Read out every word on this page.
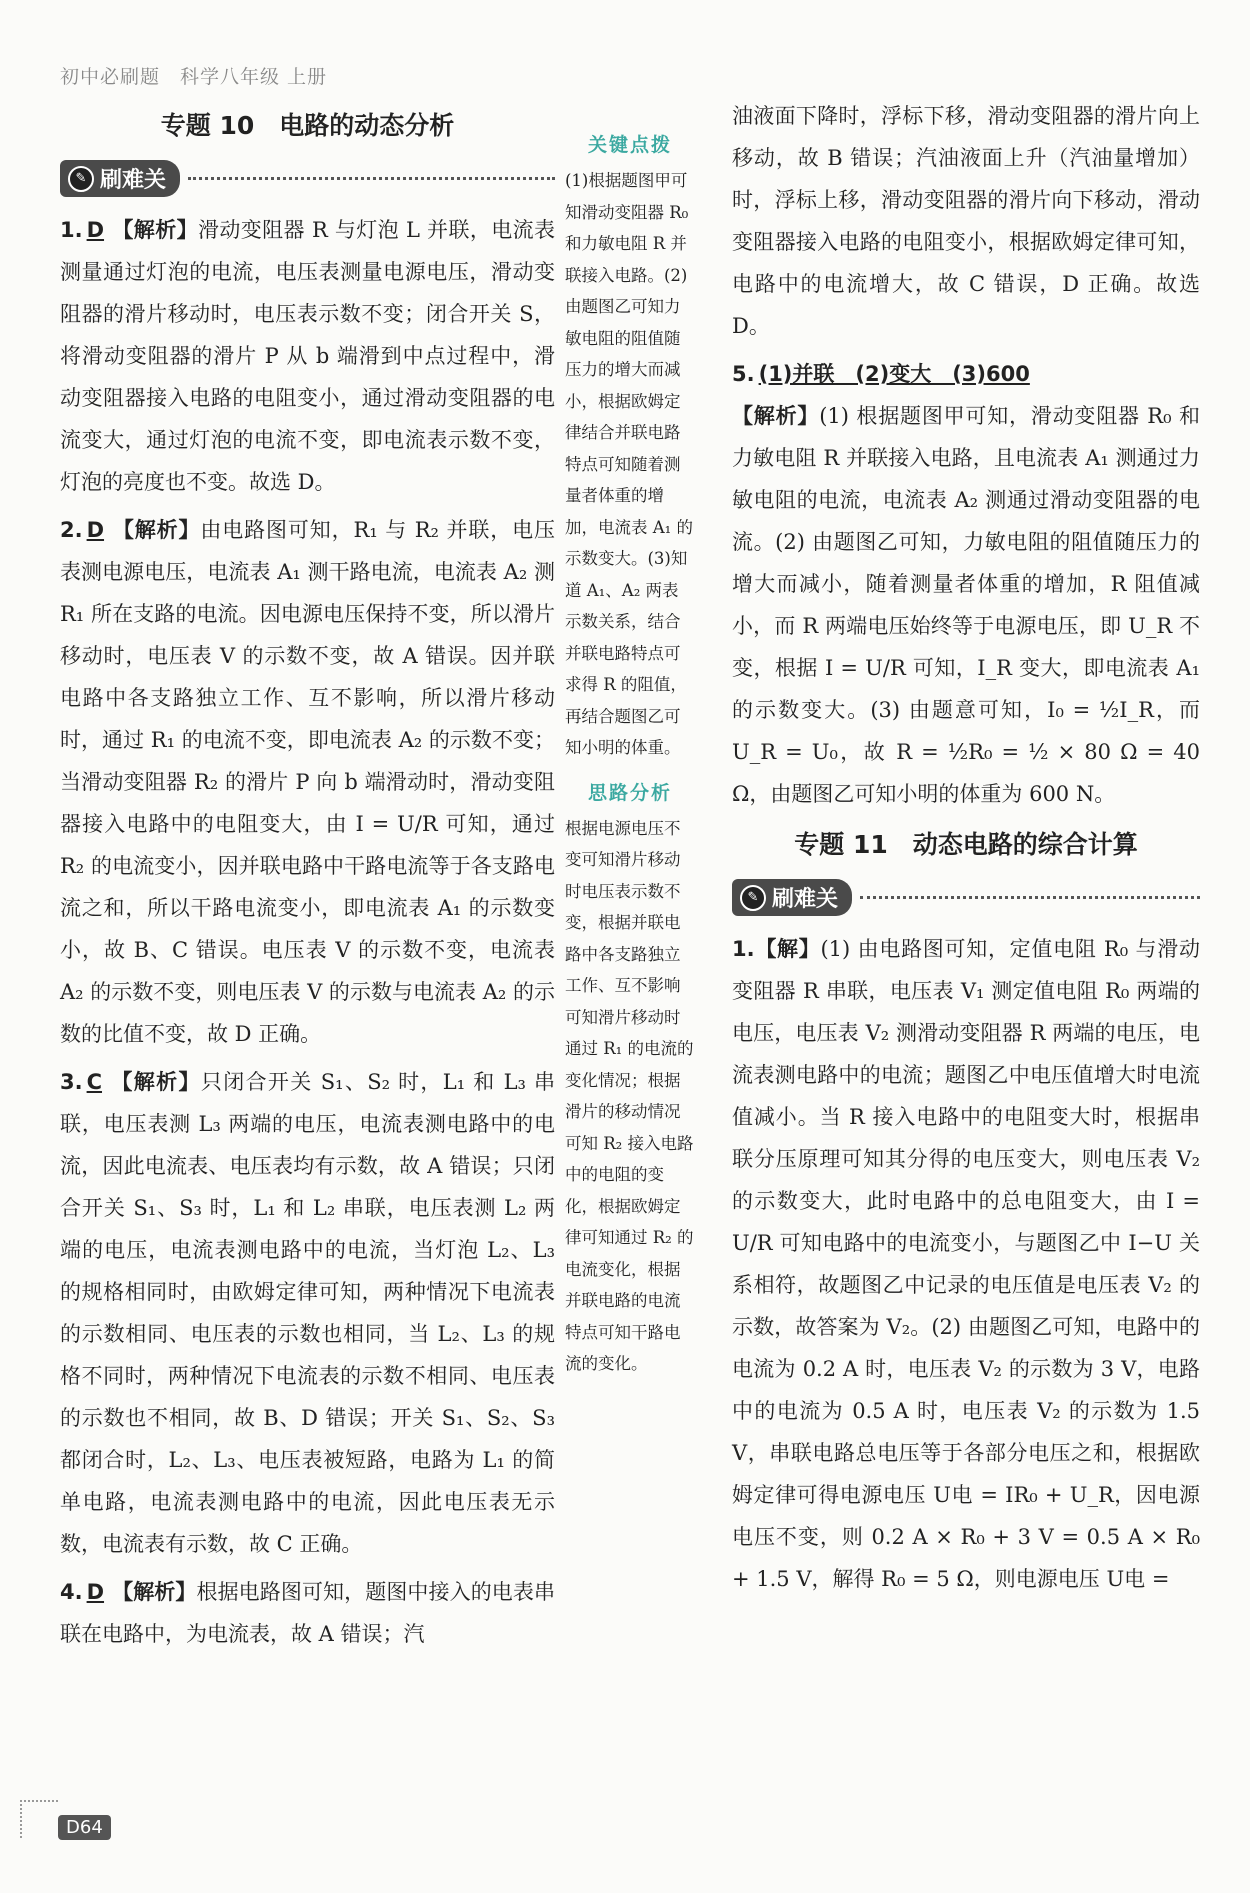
初中必刷题　科学八年级 上册
专题 10　电路的动态分析
✎ 刷难关

1. D 【解析】滑动变阻器 R 与灯泡 L 并联，电流表测量通过灯泡的电流，电压表测量电源电压，滑动变阻器的滑片移动时，电压表示数不变；闭合开关 S，将滑动变阻器的滑片 P 从 b 端滑到中点过程中，滑动变阻器接入电路的电阻变小，通过滑动变阻器的电流变大，通过灯泡的电流不变，即电流表示数不变，灯泡的亮度也不变。故选 D。

2. D 【解析】由电路图可知，R₁ 与 R₂ 并联，电压表测电源电压，电流表 A₁ 测干路电流，电流表 A₂ 测 R₁ 所在支路的电流。因电源电压保持不变，所以滑片移动时，电压表 V 的示数不变，故 A 错误。因并联电路中各支路独立工作、互不影响，所以滑片移动时，通过 R₁ 的电流不变，即电流表 A₂ 的示数不变；当滑动变阻器 R₂ 的滑片 P 向 b 端滑动时，滑动变阻器接入电路中的电阻变大，由 I = U/R 可知，通过 R₂ 的电流变小，因并联电路中干路电流等于各支路电流之和，所以干路电流变小，即电流表 A₁ 的示数变小，故 B、C 错误。电压表 V 的示数不变，电流表 A₂ 的示数不变，则电压表 V 的示数与电流表 A₂ 的示数的比值不变，故 D 正确。

3. C 【解析】只闭合开关 S₁、S₂ 时，L₁ 和 L₃ 串联，电压表测 L₃ 两端的电压，电流表测电路中的电流，因此电流表、电压表均有示数，故 A 错误；只闭合开关 S₁、S₃ 时，L₁ 和 L₂ 串联，电压表测 L₂ 两端的电压，电流表测电路中的电流，当灯泡 L₂、L₃ 的规格相同时，由欧姆定律可知，两种情况下电流表的示数相同、电压表的示数也相同，当 L₂、L₃ 的规格不同时，两种情况下电流表的示数不相同、电压表的示数也不相同，故 B、D 错误；开关 S₁、S₂、S₃ 都闭合时，L₂、L₃、电压表被短路，电路为 L₁ 的简单电路，电流表测电路中的电流，因此电压表无示数，电流表有示数，故 C 正确。

4. D 【解析】根据电路图可知，题图中接入的电表串联在电路中，为电流表，故 A 错误；汽

关键点拨
(1)根据题图甲可知滑动变阻器 R₀ 和力敏电阻 R 并联接入电路。(2)由题图乙可知力敏电阻的阻值随压力的增大而减小，根据欧姆定律结合并联电路特点可知随着测量者体重的增加，电流表 A₁ 的示数变大。(3)知道 A₁、A₂ 两表示数关系，结合并联电路特点可求得 R 的阻值，再结合题图乙可知小明的体重。
思路分析
根据电源电压不变可知滑片移动时电压表示数不变，根据并联电路中各支路独立工作、互不影响可知滑片移动时通过 R₁ 的电流的变化情况；根据滑片的移动情况可知 R₂ 接入电路中的电阻的变化，根据欧姆定律可知通过 R₂ 的电流变化，根据并联电路的电流特点可知干路电流的变化。

油液面下降时，浮标下移，滑动变阻器的滑片向上移动，故 B 错误；汽油液面上升（汽油量增加）时，浮标上移，滑动变阻器的滑片向下移动，滑动变阻器接入电路的电阻变小，根据欧姆定律可知，电路中的电流增大，故 C 错误，D 正确。故选 D。

5. (1)并联　(2)变大　(3)600
【解析】(1) 根据题图甲可知，滑动变阻器 R₀ 和力敏电阻 R 并联接入电路，且电流表 A₁ 测通过力敏电阻的电流，电流表 A₂ 测通过滑动变阻器的电流。(2) 由题图乙可知，力敏电阻的阻值随压力的增大而减小，随着测量者体重的增加，R 阻值减小，而 R 两端电压始终等于电源电压，即 U_R 不变，根据 I = U/R 可知，I_R 变大，即电流表 A₁ 的示数变大。(3) 由题意可知，I₀ = ½I_R，而 U_R = U₀，故 R = ½R₀ = ½ × 80 Ω = 40 Ω，由题图乙可知小明的体重为 600 N。

专题 11　动态电路的综合计算
✎ 刷难关

1.【解】(1) 由电路图可知，定值电阻 R₀ 与滑动变阻器 R 串联，电压表 V₁ 测定值电阻 R₀ 两端的电压，电压表 V₂ 测滑动变阻器 R 两端的电压，电流表测电路中的电流；题图乙中电压值增大时电流值减小。当 R 接入电路中的电阻变大时，根据串联分压原理可知其分得的电压变大，则电压表 V₂ 的示数变大，此时电路中的总电阻变大，由 I = U/R 可知电路中的电流变小，与题图乙中 I−U 关系相符，故题图乙中记录的电压值是电压表 V₂ 的示数，故答案为 V₂。(2) 由题图乙可知，电路中的电流为 0.2 A 时，电压表 V₂ 的示数为 3 V，电路中的电流为 0.5 A 时，电压表 V₂ 的示数为 1.5 V，串联电路总电压等于各部分电压之和，根据欧姆定律可得电源电压 U电 = IR₀ + U_R，因电源电压不变，则 0.2 A × R₀ + 3 V = 0.5 A × R₀ + 1.5 V，解得 R₀ = 5 Ω，则电源电压 U电 =

D64
